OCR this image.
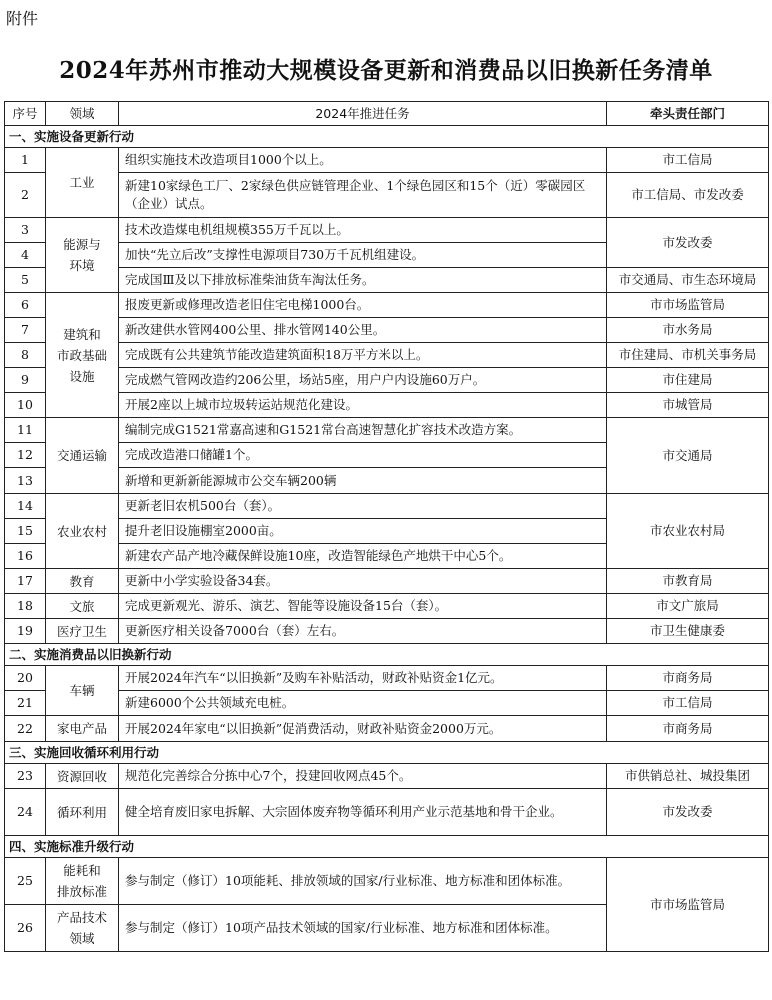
附件
2024年苏州市推动大规模设备更新和消费品以旧换新任务清单
序号	领域	2024年推进任务	牵头责任部门
一、实施设备更新行动			
1	工业	组织实施技术改造项目1000个以上。	市工信局
2		新建10家绿色工厂、2家绿色供应链管理企业、1个绿色园区和15个（近）零碳园区（企业）试点。	市工信局、市发改委
3	能源与
环境	技术改造煤电机组规模355万千瓦以上。	市发改委
4		加快“先立后改”支撑性电源项目730万千瓦机组建设。	
5		完成国Ⅲ及以下排放标准柴油货车淘汰任务。	市交通局、市生态环境局
6	建筑和
市政基础
设施	报废更新或修理改造老旧住宅电梯1000台。	市市场监管局
7		新改建供水管网400公里、排水管网140公里。	市水务局
8		完成既有公共建筑节能改造建筑面积18万平方米以上。	市住建局、市机关事务局
9		完成燃气管网改造约206公里，场站5座，用户户内设施60万户。	市住建局
10		开展2座以上城市垃圾转运站规范化建设。	市城管局
11	交通运输	编制完成G1521常嘉高速和G1521常台高速智慧化扩容技术改造方案。	市交通局
12		完成改造港口储罐1个。	
13		新增和更新新能源城市公交车辆200辆	
14	农业农村	更新老旧农机500台（套）。	市农业农村局
15		提升老旧设施棚室2000亩。	
16		新建农产品产地冷藏保鲜设施10座，改造智能绿色产地烘干中心5个。	
17	教育	更新中小学实验设备34套。	市教育局
18	文旅	完成更新观光、游乐、演艺、智能等设施设备15台（套）。	市文广旅局
19	医疗卫生	更新医疗相关设备7000台（套）左右。	市卫生健康委
二、实施消费品以旧换新行动			
20	车辆	开展2024年汽车“以旧换新”及购车补贴活动，财政补贴资金1亿元。	市商务局
21		新建6000个公共领域充电桩。	市工信局
22	家电产品	开展2024年家电“以旧换新”促消费活动，财政补贴资金2000万元。	市商务局
三、实施回收循环利用行动			
23	资源回收	规范化完善综合分拣中心7个，投建回收网点45个。	市供销总社、城投集团
24	循环利用	健全培育废旧家电拆解、大宗固体废弃物等循环利用产业示范基地和骨干企业。	市发改委
四、实施标准升级行动			
25	能耗和
排放标准	参与制定（修订）10项能耗、排放领域的国家/行业标准、地方标准和团体标准。	市市场监管局
26	产品技术
领域	参与制定（修订）10项产品技术领域的国家/行业标准、地方标准和团体标准。	
